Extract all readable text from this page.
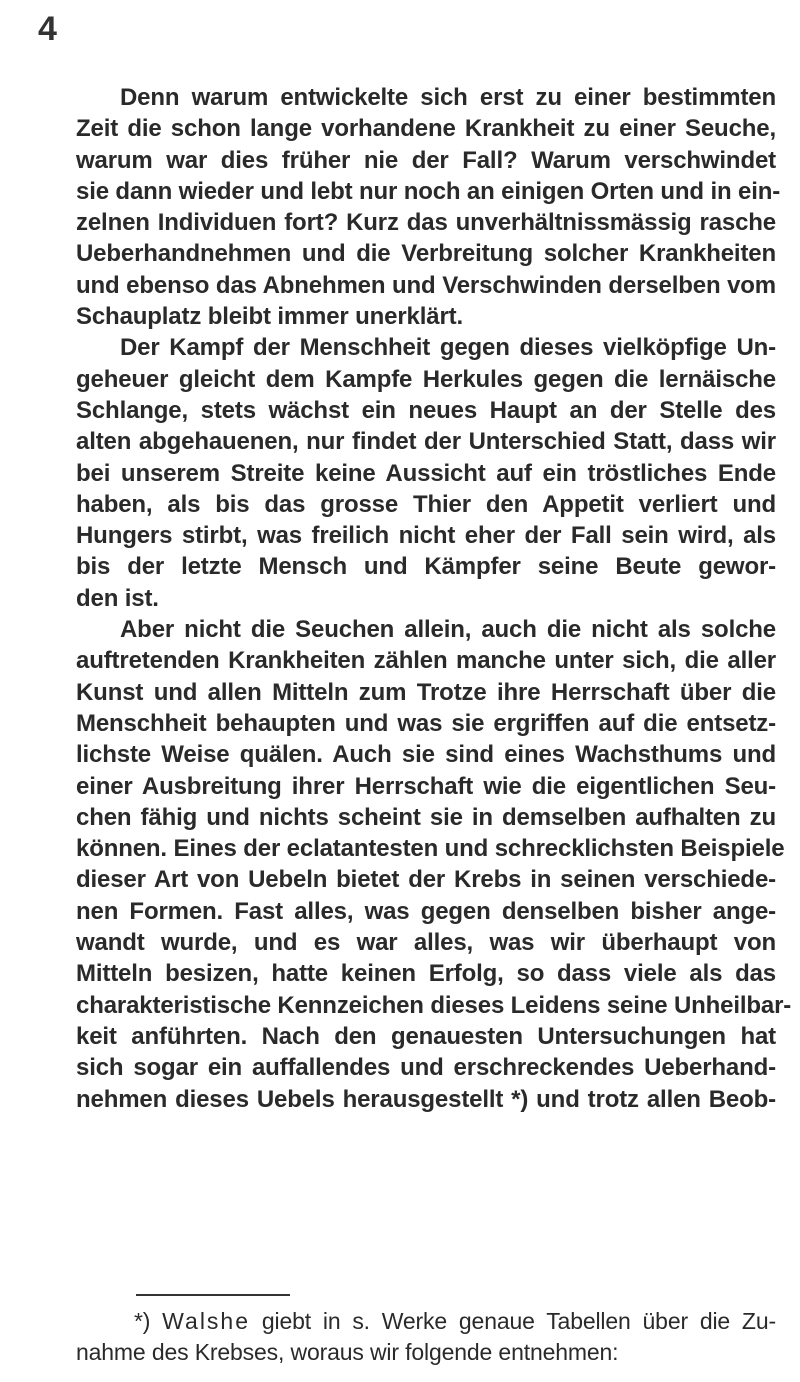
4
Denn warum entwickelte sich erst zu einer bestimmten
Zeit die schon lange vorhandene Krankheit zu einer Seuche,
warum war dies früher nie der Fall? Warum verschwindet
sie dann wieder und lebt nur noch an einigen Orten und in ein-
zelnen Individuen fort? Kurz das unverhältnissmässig rasche
Ueberhandnehmen und die Verbreitung solcher Krankheiten
und ebenso das Abnehmen und Verschwinden derselben vom
Schauplatz bleibt immer unerklärt.
Der Kampf der Menschheit gegen dieses vielköpfige Un-
geheuer gleicht dem Kampfe Herkules gegen die lernäische
Schlange, stets wächst ein neues Haupt an der Stelle des
alten abgehauenen, nur findet der Unterschied Statt, dass wir
bei unserem Streite keine Aussicht auf ein tröstliches Ende
haben, als bis das grosse Thier den Appetit verliert und
Hungers stirbt, was freilich nicht eher der Fall sein wird, als
bis der letzte Mensch und Kämpfer seine Beute gewor-
den ist.
Aber nicht die Seuchen allein, auch die nicht als solche
auftretenden Krankheiten zählen manche unter sich, die aller
Kunst und allen Mitteln zum Trotze ihre Herrschaft über die
Menschheit behaupten und was sie ergriffen auf die entsetz-
lichste Weise quälen. Auch sie sind eines Wachsthums und
einer Ausbreitung ihrer Herrschaft wie die eigentlichen Seu-
chen fähig und nichts scheint sie in demselben aufhalten zu
können. Eines der eclatantesten und schrecklichsten Beispiele
dieser Art von Uebeln bietet der Krebs in seinen verschiede-
nen Formen. Fast alles, was gegen denselben bisher ange-
wandt wurde, und es war alles, was wir überhaupt von
Mitteln besizen, hatte keinen Erfolg, so dass viele als das
charakteristische Kennzeichen dieses Leidens seine Unheilbar-
keit anführten. Nach den genauesten Untersuchungen hat
sich sogar ein auffallendes und erschreckendes Ueberhand-
nehmen dieses Uebels herausgestellt *) und trotz allen Beob-
*) Walshe giebt in s. Werke genaue Tabellen über die Zu-
nahme des Krebses, woraus wir folgende entnehmen:
